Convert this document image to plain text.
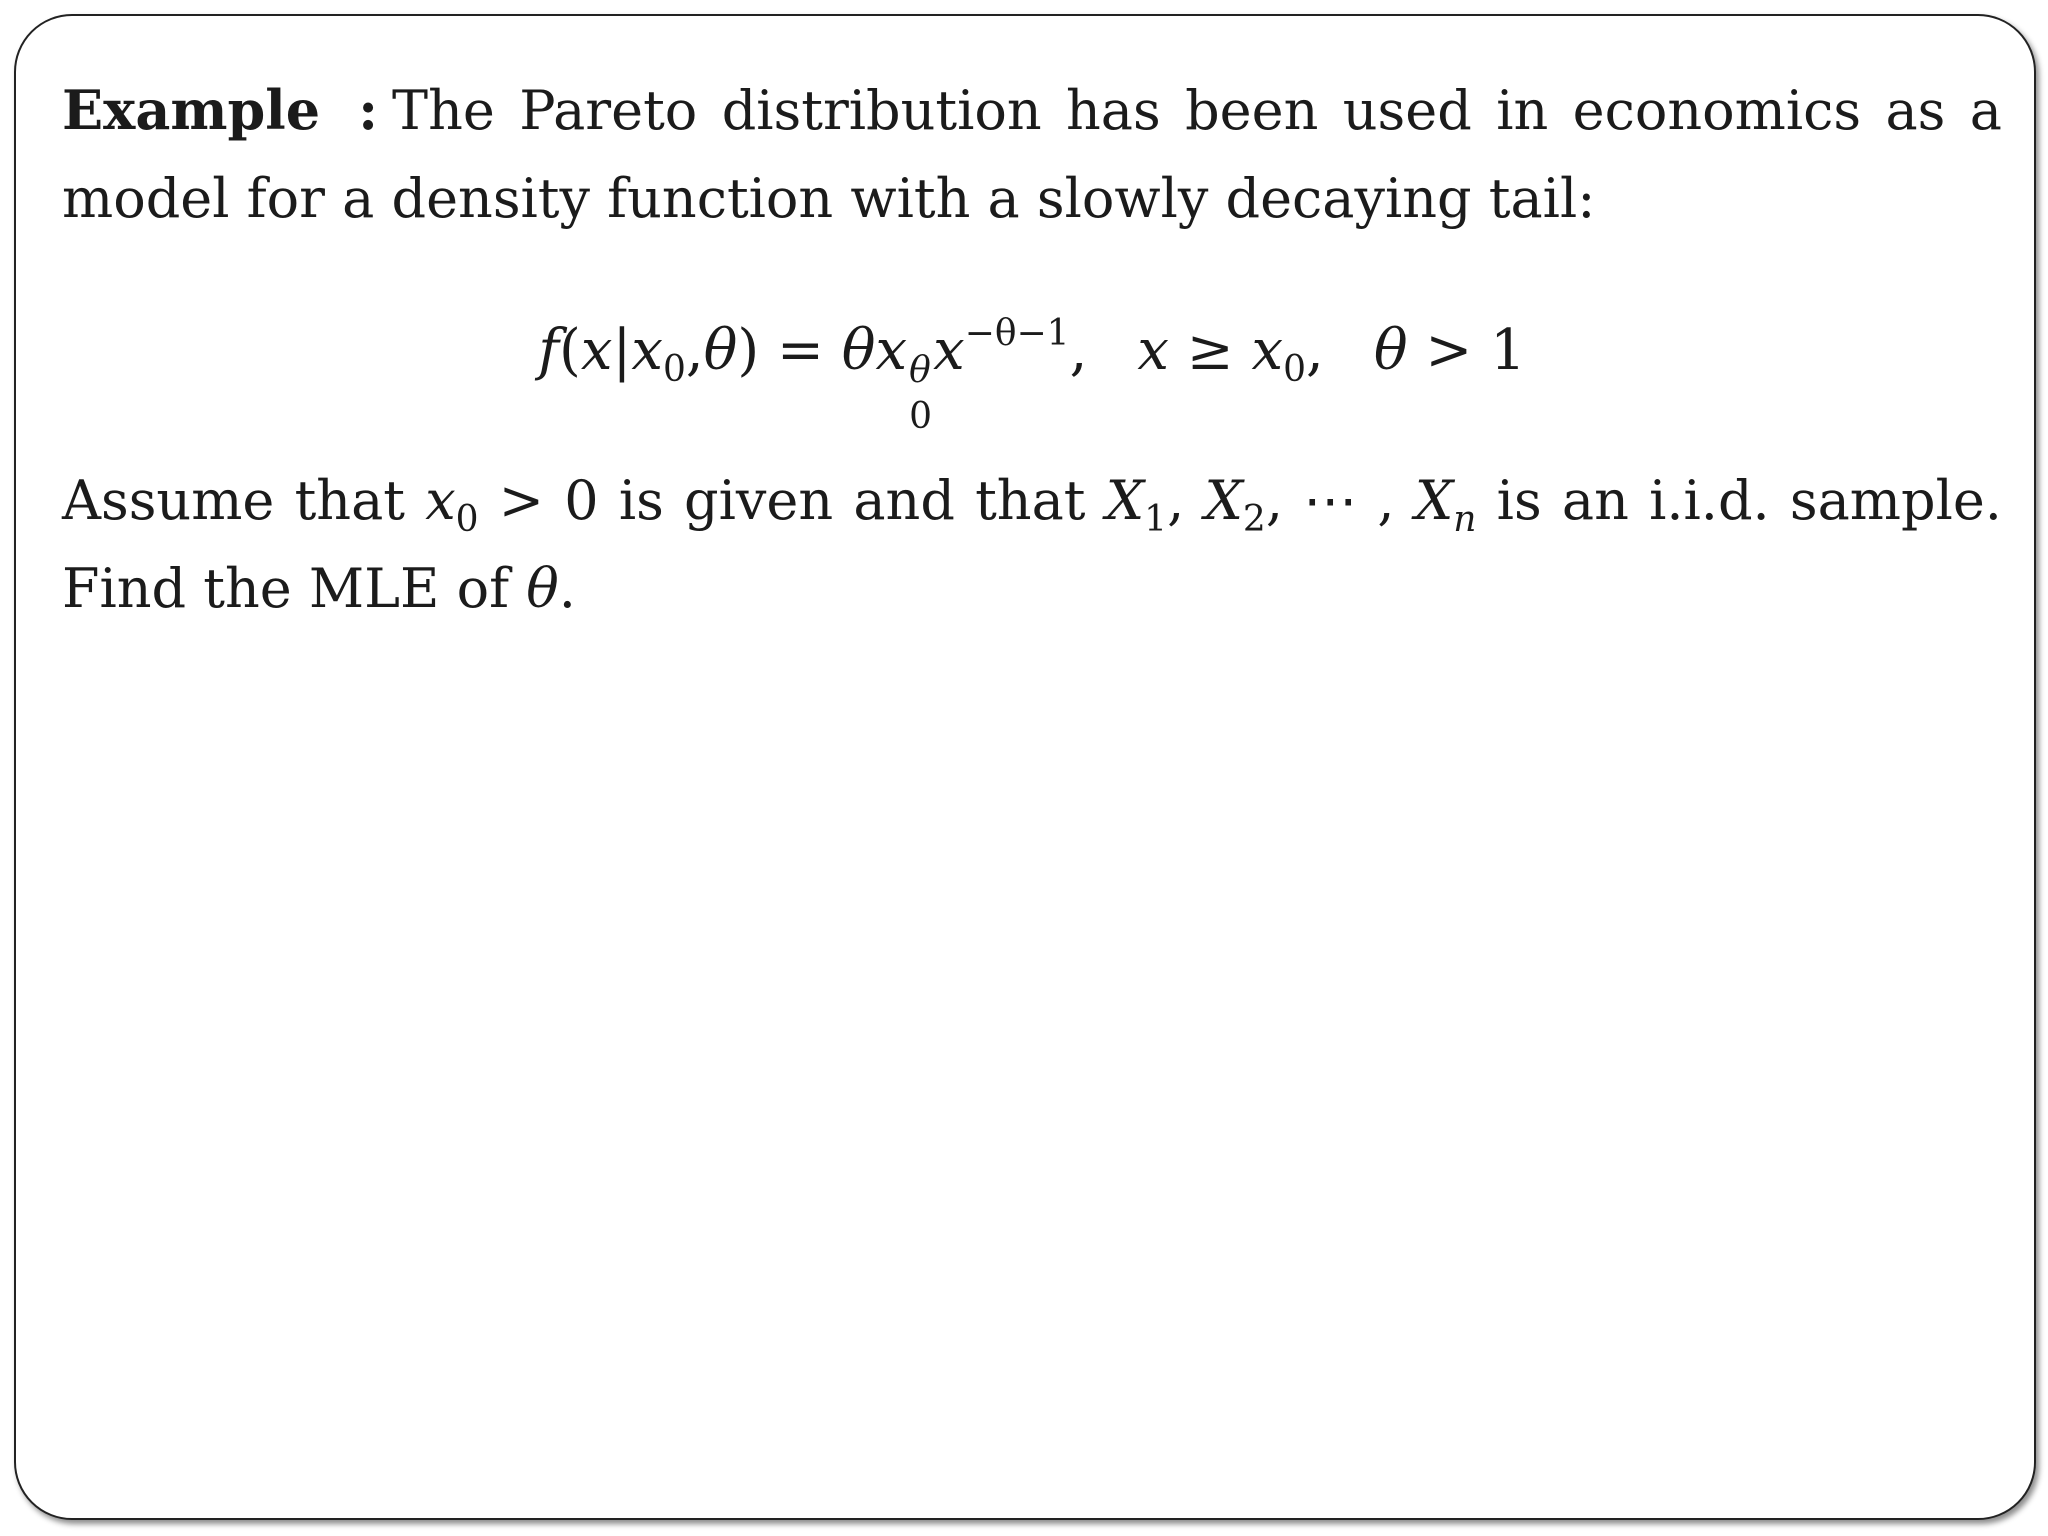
Example : The Pareto distribution has been used in economics as a model for a density function with a slowly decaying tail:

$f(x|x_0,\theta) = \theta x$ θ
0
$x^{-\theta-1}$, $x \ge x_0$, θ > 1

Assume that $x_0 > 0$ is given and that $X_1$, $X_2$, ⋯ , $X_n$ is an i.i.d. sample. Find the MLE of θ.
